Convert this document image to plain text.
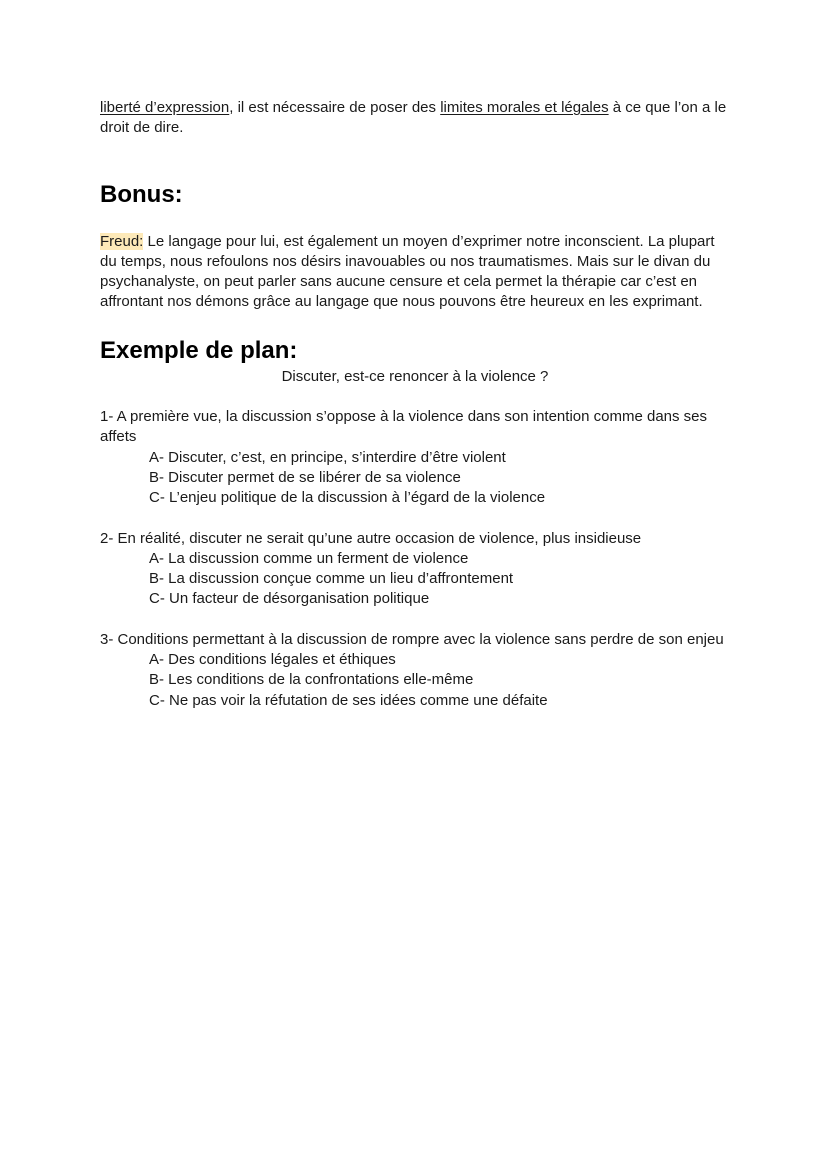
liberté d’expression, il est nécessaire de poser des limites morales et légales à ce que l’on a le droit de dire.

Bonus:

Freud: Le langage pour lui, est également un moyen d’exprimer notre inconscient. La plupart du temps, nous refoulons nos désirs inavouables ou nos traumatismes. Mais sur le divan du psychanalyste, on peut parler sans aucune censure et cela permet la thérapie car c’est en affrontant nos démons grâce au langage que nous pouvons être heureux en les exprimant.

Exemple de plan:
Discuter, est-ce renoncer à la violence ?

1- A première vue, la discussion s’oppose à la violence dans son intention comme dans ses affets

A- Discuter, c’est, en principe, s’interdire d’être violent
B- Discuter permet de se libérer de sa violence
C- L’enjeu politique de la discussion à l’égard de la violence

2- En réalité, discuter ne serait qu’une autre occasion de violence, plus insidieuse

A- La discussion comme un ferment de violence
B- La discussion conçue comme un lieu d’affrontement
C- Un facteur de désorganisation politique

3- Conditions permettant à la discussion de rompre avec la violence sans perdre de son enjeu

A- Des conditions légales et éthiques
B- Les conditions de la confrontations elle-même
C- Ne pas voir la réfutation de ses idées comme une défaite
